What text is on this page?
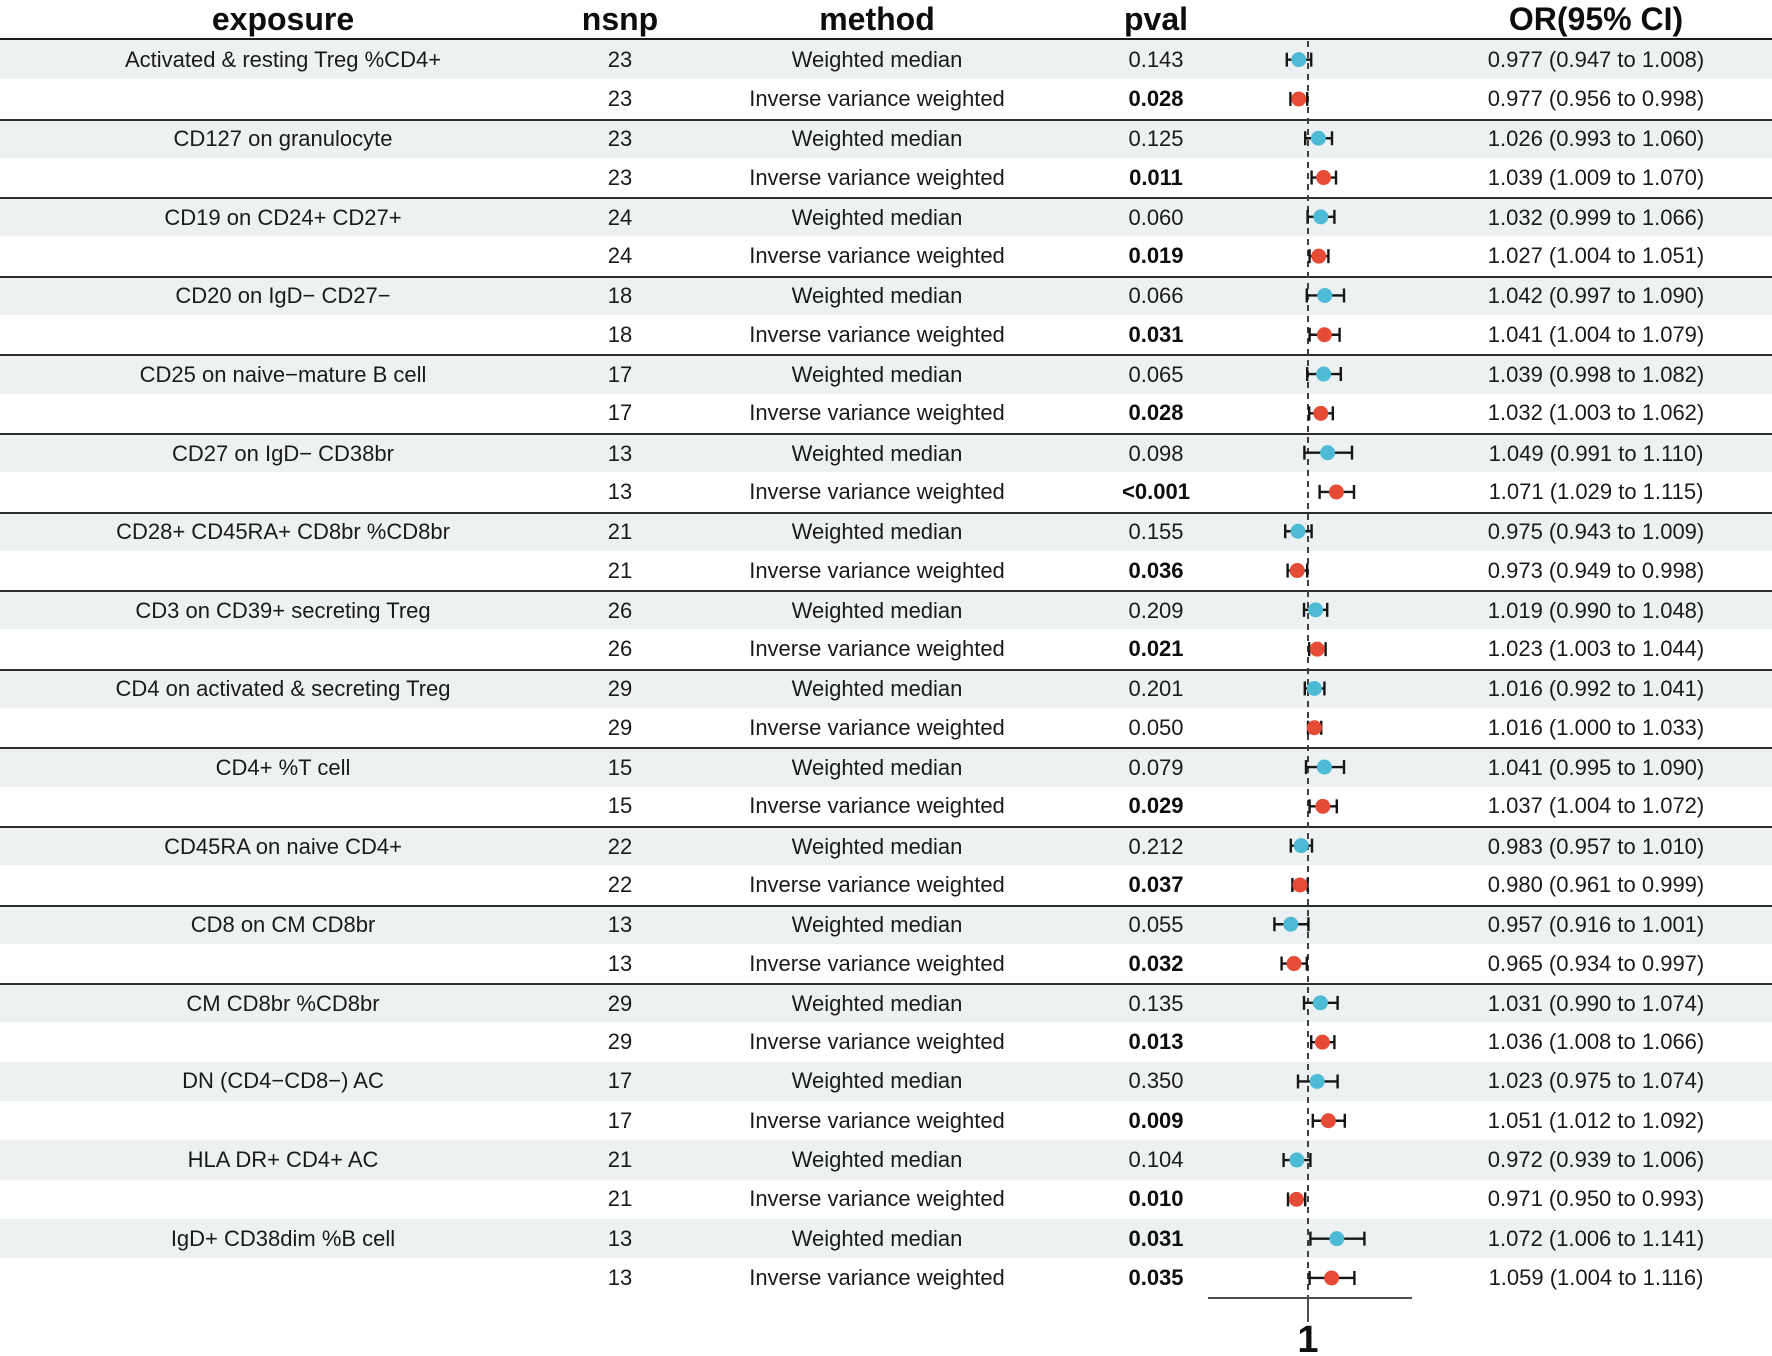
exposure	nsnp	method	pval	OR(95% CI)
Activated & resting Treg %CD4+	23	Weighted median	0.143	0.977 (0.947 to 1.008)
23	Inverse variance weighted	0.028	0.977 (0.956 to 0.998)
CD127 on granulocyte	23	Weighted median	0.125	1.026 (0.993 to 1.060)
23	Inverse variance weighted	0.011	1.039 (1.009 to 1.070)
CD19 on CD24+ CD27+	24	Weighted median	0.060	1.032 (0.999 to 1.066)
24	Inverse variance weighted	0.019	1.027 (1.004 to 1.051)
CD20 on IgD− CD27−	18	Weighted median	0.066	1.042 (0.997 to 1.090)
18	Inverse variance weighted	0.031	1.041 (1.004 to 1.079)
CD25 on naive−mature B cell	17	Weighted median	0.065	1.039 (0.998 to 1.082)
17	Inverse variance weighted	0.028	1.032 (1.003 to 1.062)
CD27 on IgD− CD38br	13	Weighted median	0.098	1.049 (0.991 to 1.110)
13	Inverse variance weighted	<0.001	1.071 (1.029 to 1.115)
CD28+ CD45RA+ CD8br %CD8br	21	Weighted median	0.155	0.975 (0.943 to 1.009)
21	Inverse variance weighted	0.036	0.973 (0.949 to 0.998)
CD3 on CD39+ secreting Treg	26	Weighted median	0.209	1.019 (0.990 to 1.048)
26	Inverse variance weighted	0.021	1.023 (1.003 to 1.044)
CD4 on activated & secreting Treg	29	Weighted median	0.201	1.016 (0.992 to 1.041)
29	Inverse variance weighted	0.050	1.016 (1.000 to 1.033)
CD4+ %T cell	15	Weighted median	0.079	1.041 (0.995 to 1.090)
15	Inverse variance weighted	0.029	1.037 (1.004 to 1.072)
CD45RA on naive CD4+	22	Weighted median	0.212	0.983 (0.957 to 1.010)
22	Inverse variance weighted	0.037	0.980 (0.961 to 0.999)
CD8 on CM CD8br	13	Weighted median	0.055	0.957 (0.916 to 1.001)
13	Inverse variance weighted	0.032	0.965 (0.934 to 0.997)
CM CD8br %CD8br	29	Weighted median	0.135	1.031 (0.990 to 1.074)
29	Inverse variance weighted	0.013	1.036 (1.008 to 1.066)
DN (CD4−CD8−) AC	17	Weighted median	0.350	1.023 (0.975 to 1.074)
17	Inverse variance weighted	0.009	1.051 (1.012 to 1.092)
HLA DR+ CD4+ AC	21	Weighted median	0.104	0.972 (0.939 to 1.006)
21	Inverse variance weighted	0.010	0.971 (0.950 to 0.993)
IgD+ CD38dim %B cell	13	Weighted median	0.031	1.072 (1.006 to 1.141)
13	Inverse variance weighted	0.035	1.059 (1.004 to 1.116)
1
